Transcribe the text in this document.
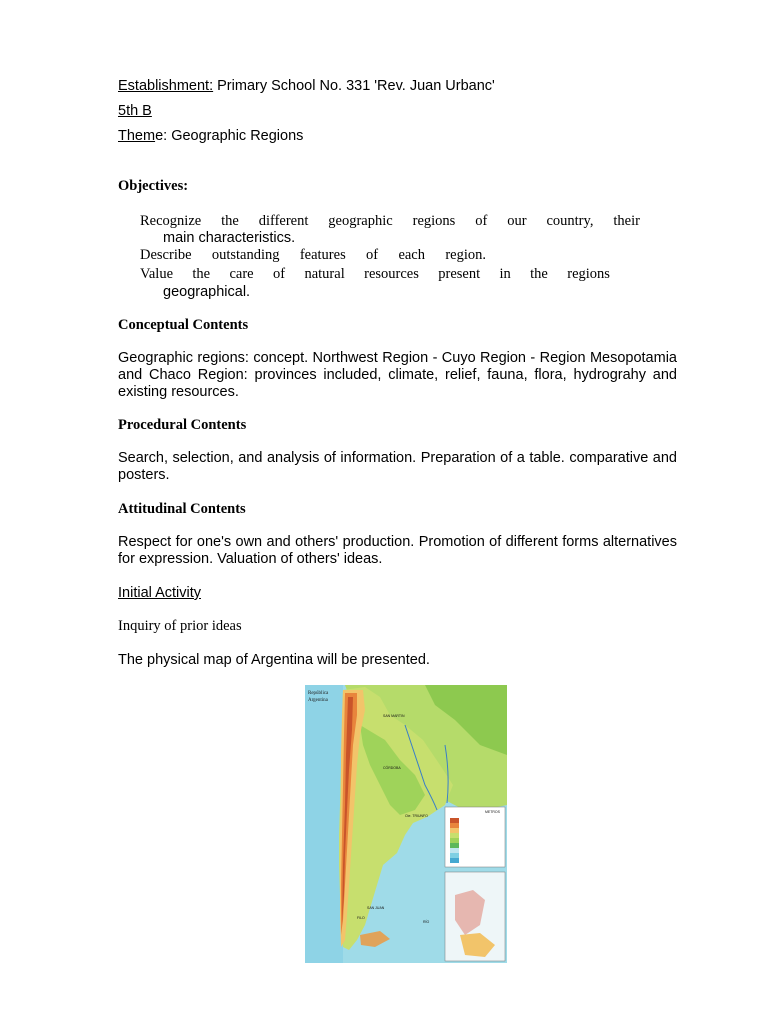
Establishment: Primary School No. 331 'Rev. Juan Urbanc'
5th B
Theme: Geographic Regions
Objectives:
Recognize the different geographic regions of our country, their
main characteristics.
Describe outstanding features of each region.
Value the care of natural resources present in the regions
geographical.
Conceptual Contents
Geographic regions: concept. Northwest Region - Cuyo Region - Region Mesopotamia and Chaco Region: provinces included, climate, relief, fauna, flora, hydrograhy and existing resources.
Procedural Contents
Search, selection, and analysis of information. Preparation of a table. comparative and posters.
Attitudinal Contents
Respect for one's own and others' production. Promotion of different forms alternatives for expression. Valuation of others' ideas.
Initial Activity
Inquiry of prior ideas
The physical map of Argentina will be presented.
República
Argentina
SAN MARTIN
CÓRDOBA
Cte. TRIUNFO
SAN JUAN
FILO
RÍO
METROS
